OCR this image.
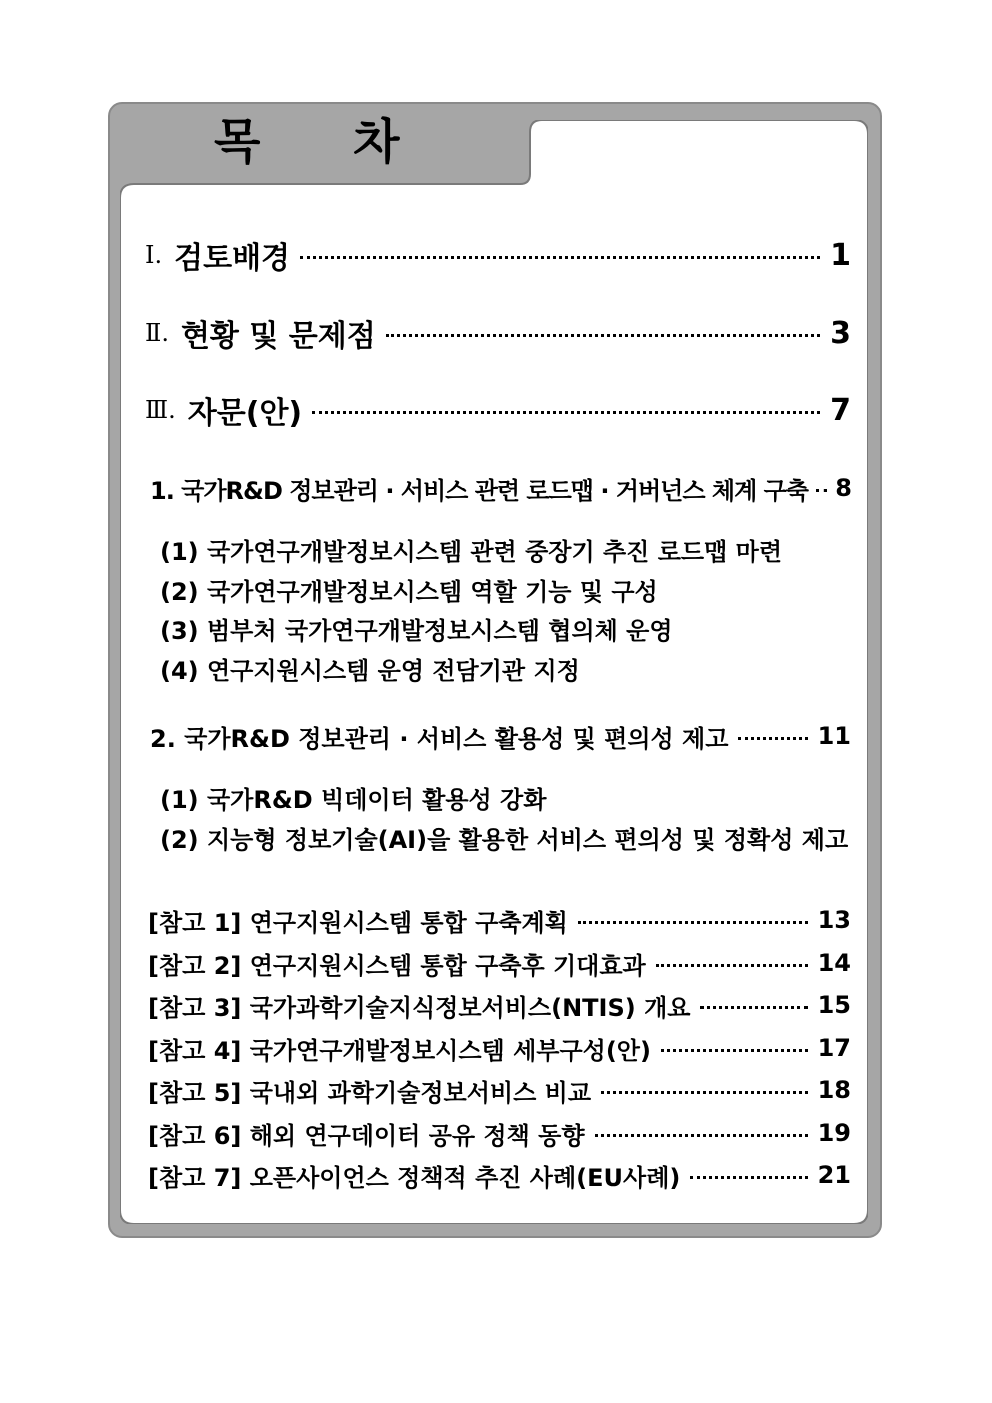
목 차
Ⅰ. 검토배경	1
Ⅱ. 현황 및 문제점	3
Ⅲ. 자문(안)	7
1. 국가R&D 정보관리 · 서비스 관련 로드맵 · 거버넌스 체계 구축 8
(1) 국가연구개발정보시스템 관련 중장기 추진 로드맵 마련
(2) 국가연구개발정보시스템 역할 기능 및 구성
(3) 범부처 국가연구개발정보시스템 협의체 운영
(4) 연구지원시스템 운영 전담기관 지정
2. 국가R&D 정보관리 · 서비스 활용성 및 편의성 제고	11
(1) 국가R&D 빅데이터 활용성 강화
(2) 지능형 정보기술(AI)을 활용한 서비스 편의성 및 정확성 제고
[참고 1] 연구지원시스템 통합 구축계획	13
[참고 2] 연구지원시스템 통합 구축후 기대효과	14
[참고 3] 국가과학기술지식정보서비스(NTIS) 개요	15
[참고 4] 국가연구개발정보시스템 세부구성(안)	17
[참고 5] 국내외 과학기술정보서비스 비교	18
[참고 6] 해외 연구데이터 공유 정책 동향	19
[참고 7] 오픈사이언스 정책적 추진 사례(EU사례)	21
